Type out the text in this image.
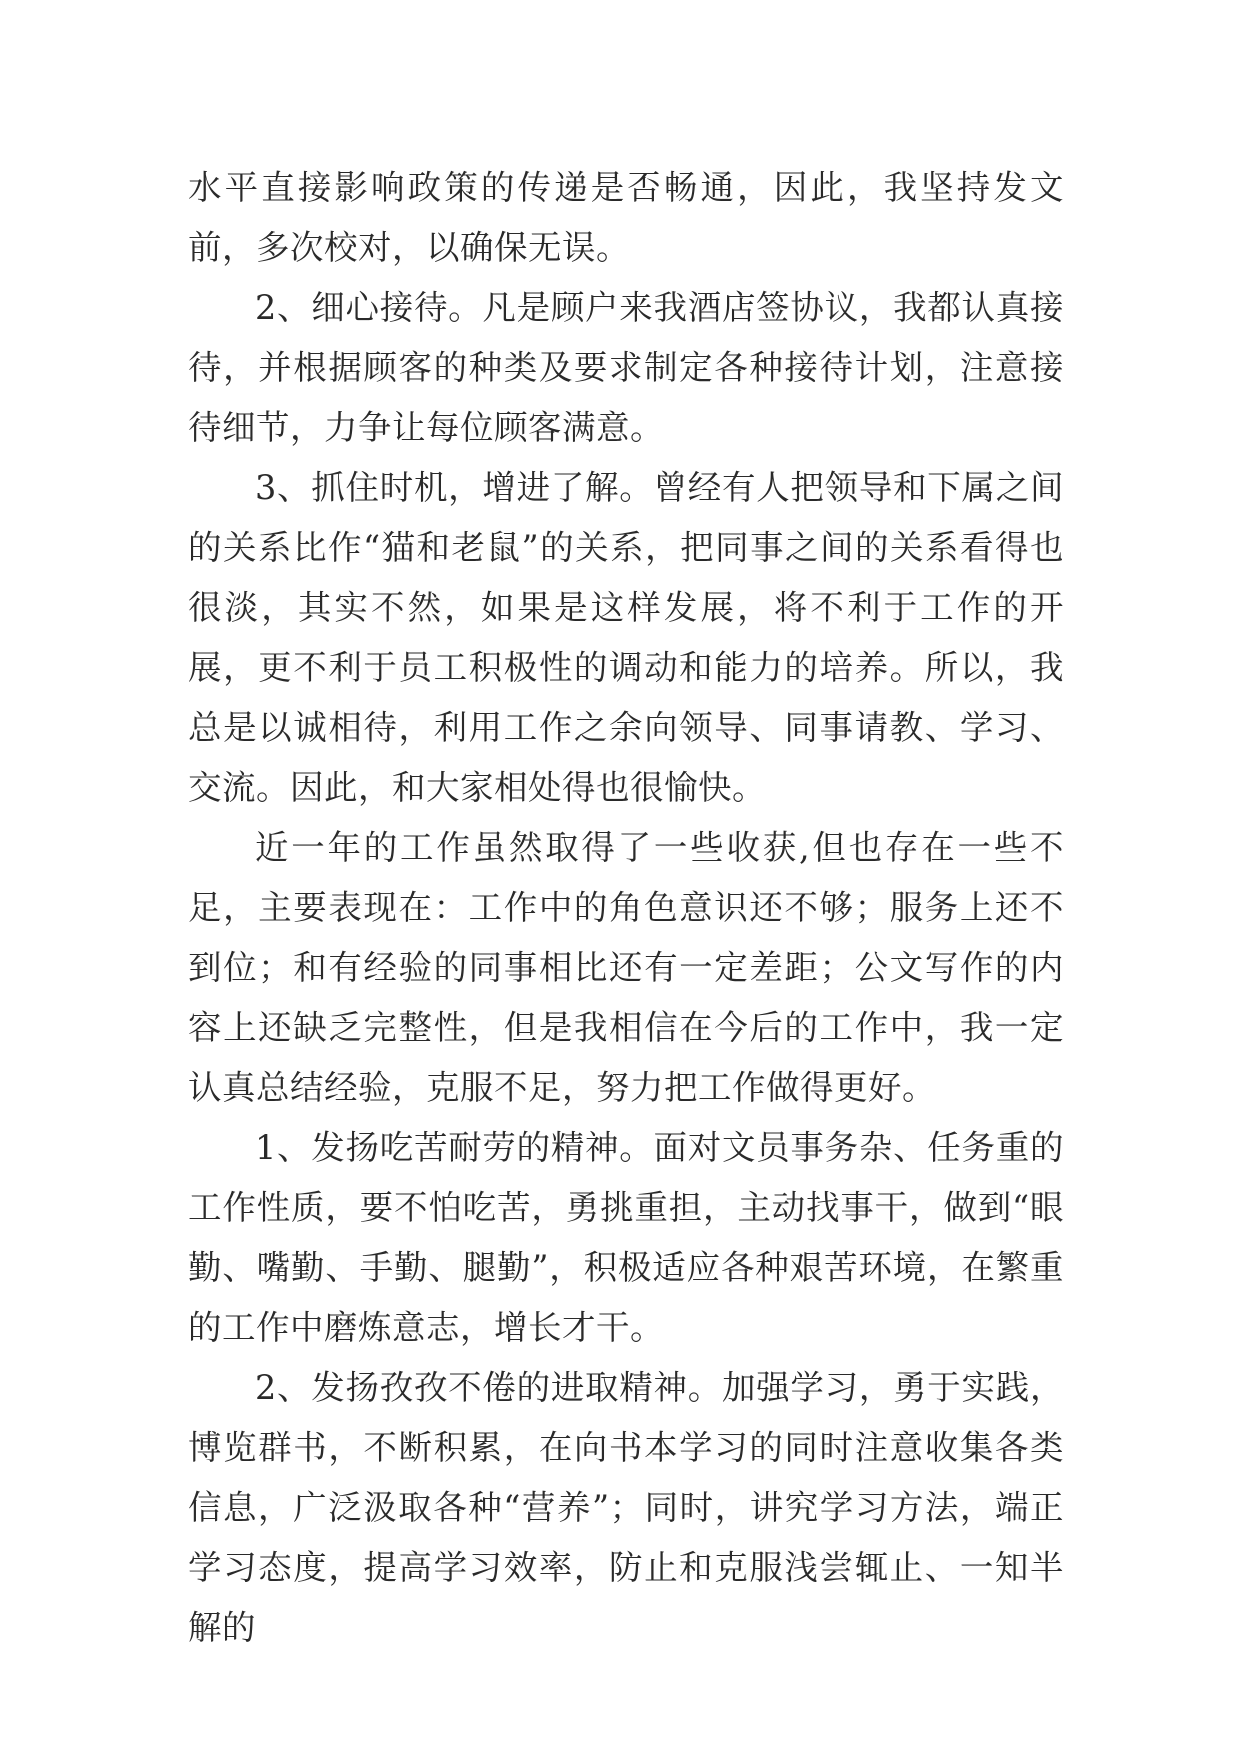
水平直接影响政策的传递是否畅通，因此，我坚持发文前，多次校对，以确保无误。

2、细心接待。凡是顾户来我酒店签协议，我都认真接待，并根据顾客的种类及要求制定各种接待计划，注意接待细节，力争让每位顾客满意。

3、抓住时机，增进了解。曾经有人把领导和下属之间的关系比作“猫和老鼠”的关系，把同事之间的关系看得也很淡，其实不然，如果是这样发展，将不利于工作的开展，更不利于员工积极性的调动和能力的培养。所以，我总是以诚相待，利用工作之余向领导、同事请教、学习、交流。因此，和大家相处得也很愉快。

近一年的工作虽然取得了一些收获,但也存在一些不足，主要表现在：工作中的角色意识还不够；服务上还不到位；和有经验的同事相比还有一定差距；公文写作的内容上还缺乏完整性，但是我相信在今后的工作中，我一定认真总结经验，克服不足，努力把工作做得更好。

1、发扬吃苦耐劳的精神。面对文员事务杂、任务重的工作性质，要不怕吃苦，勇挑重担，主动找事干，做到“眼勤、嘴勤、手勤、腿勤”，积极适应各种艰苦环境，在繁重的工作中磨炼意志，增长才干。

2、发扬孜孜不倦的进取精神。加强学习，勇于实践，博览群书，不断积累，在向书本学习的同时注意收集各类信息，广泛汲取各种“营养”；同时，讲究学习方法，端正学习态度，提高学习效率，防止和克服浅尝辄止、一知半解的
